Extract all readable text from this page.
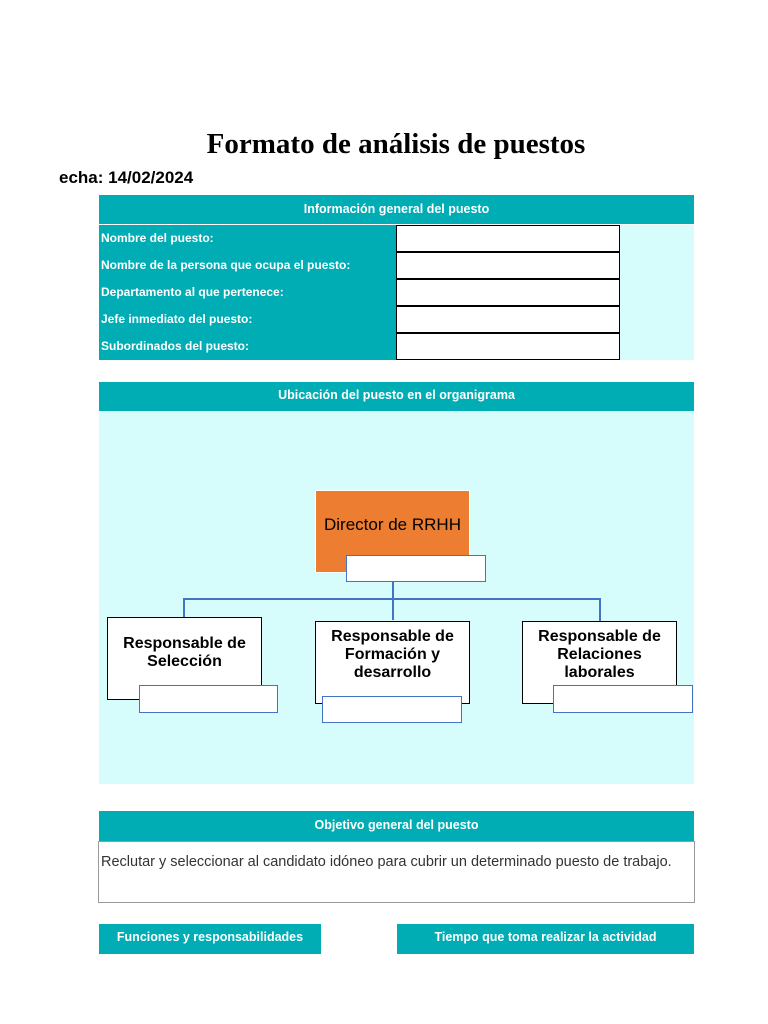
Formato de análisis de puestos
echa: 14/02/2024
Información general del puesto
Nombre del puesto:
Nombre de la persona que ocupa el puesto:
Departamento al que pertenece:
Jefe inmediato del puesto:
Subordinados del puesto:
Ubicación del puesto en el organigrama
Director de RRHH
Responsable de Selección
Responsable de Formación y desarrollo
Responsable de Relaciones laborales
Objetivo general del puesto
Reclutar y seleccionar al candidato idóneo para cubrir un determinado puesto de trabajo.
Funciones y responsabilidades	Tiempo que toma realizar la actividad
